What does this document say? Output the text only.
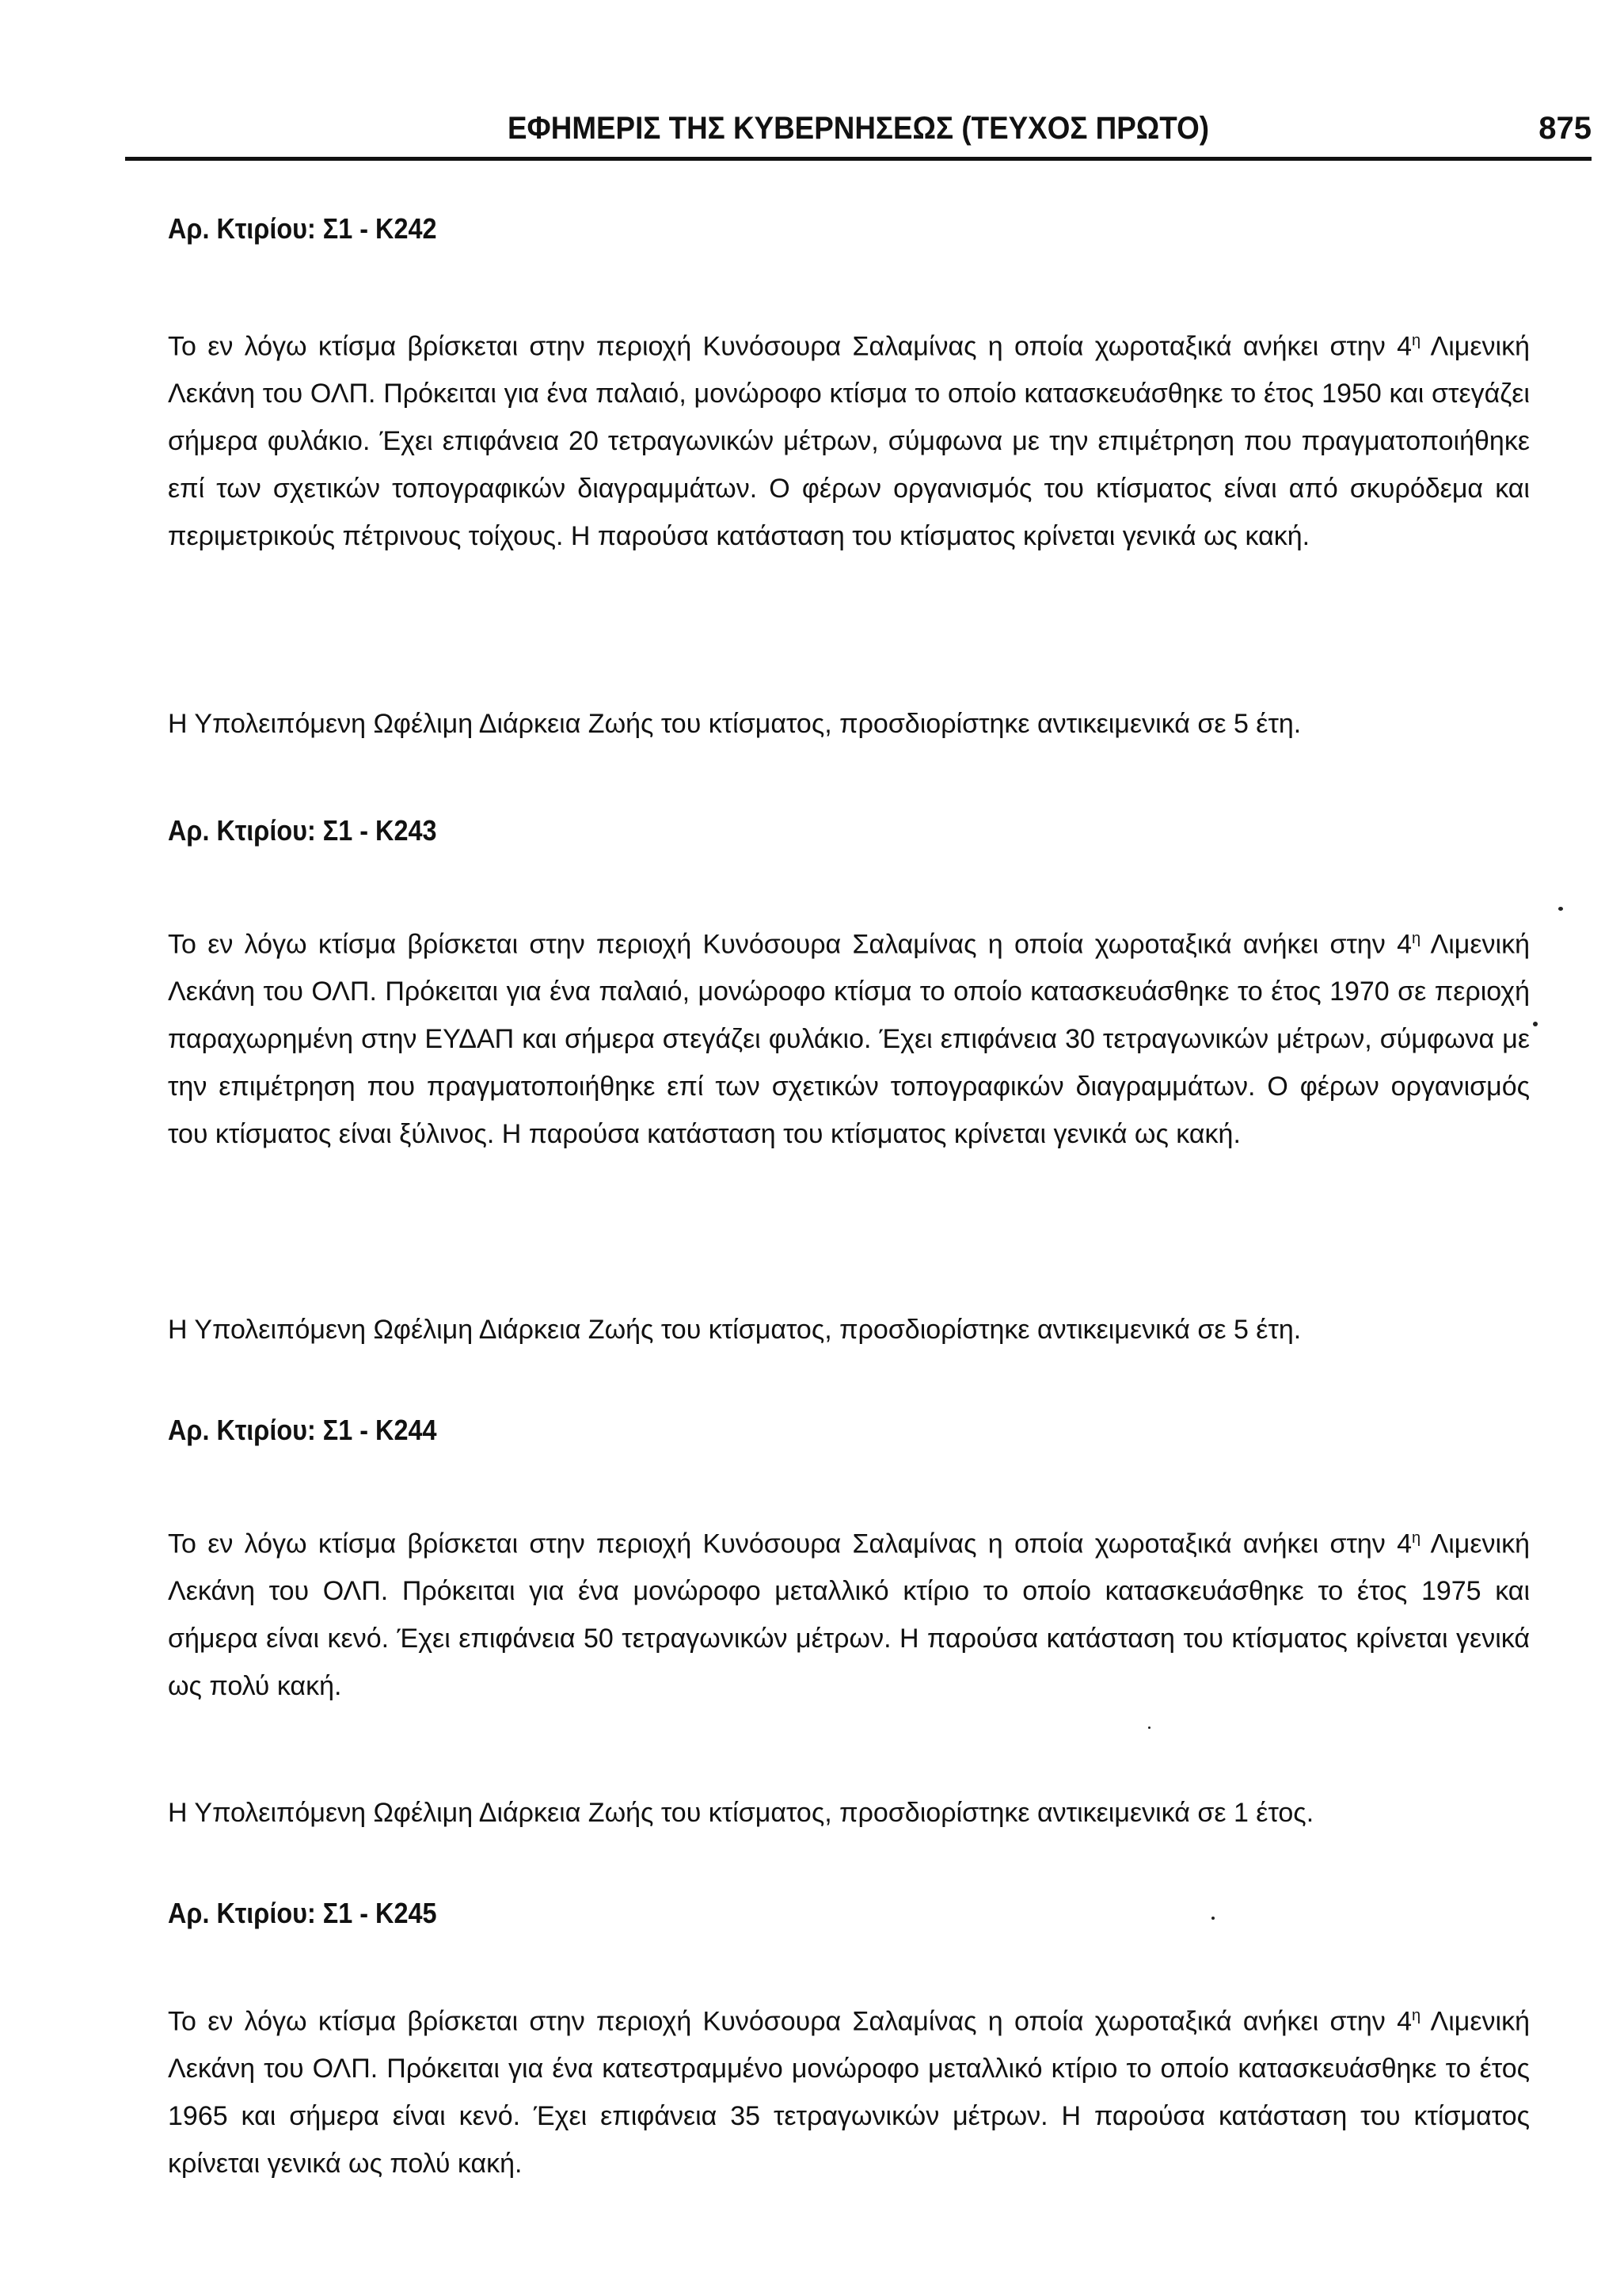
ΕΦΗΜΕΡΙΣ ΤΗΣ ΚΥΒΕΡΝΗΣΕΩΣ (ΤΕΥΧΟΣ ΠΡΩΤΟ)	875
Αρ. Κτιρίου: Σ1 - Κ242

Το εν λόγω κτίσμα βρίσκεται στην περιοχή Κυνόσουρα Σαλαμίνας η οποία χωροταξικά ανήκει στην $4^\eta$ Λιμενική Λεκάνη του ΟΛΠ. Πρόκειται για ένα παλαιό, μονώροφο κτίσμα το οποίο κατασκευάσθηκε το έτος 1950 και στεγάζει σήμερα φυλάκιο. Έχει επιφάνεια 20 τετραγωνικών μέτρων, σύμφωνα με την επιμέτρηση που πραγματοποιήθηκε επί των σχετικών τοπογραφικών διαγραμμάτων. Ο φέρων οργανισμός του κτίσματος είναι από σκυρόδεμα και περιμετρικούς πέτρινους τοίχους. Η παρούσα κατάσταση του κτίσματος κρίνεται γενικά ως κακή.

Η Υπολειπόμενη Ωφέλιμη Διάρκεια Ζωής του κτίσματος, προσδιορίστηκε αντικειμενικά σε 5 έτη.
Αρ. Κτιρίου: Σ1 - Κ243

Το εν λόγω κτίσμα βρίσκεται στην περιοχή Κυνόσουρα Σαλαμίνας η οποία χωροταξικά ανήκει στην $4^\eta$ Λιμενική Λεκάνη του ΟΛΠ. Πρόκειται για ένα παλαιό, μονώροφο κτίσμα το οποίο κατασκευάσθηκε το έτος 1970 σε περιοχή παραχωρημένη στην ΕΥΔΑΠ και σήμερα στεγάζει φυλάκιο. Έχει επιφάνεια 30 τετραγωνικών μέτρων, σύμφωνα με την επιμέτρηση που πραγματοποιήθηκε επί των σχετικών τοπογραφικών διαγραμμάτων. Ο φέρων οργανισμός του κτίσματος είναι ξύλινος. Η παρούσα κατάσταση του κτίσματος κρίνεται γενικά ως κακή.

Η Υπολειπόμενη Ωφέλιμη Διάρκεια Ζωής του κτίσματος, προσδιορίστηκε αντικειμενικά σε 5 έτη.
Αρ. Κτιρίου: Σ1 - Κ244

Το εν λόγω κτίσμα βρίσκεται στην περιοχή Κυνόσουρα Σαλαμίνας η οποία χωροταξικά ανήκει στην $4^\eta$ Λιμενική Λεκάνη του ΟΛΠ. Πρόκειται για ένα μονώροφο μεταλλικό κτίριο το οποίο κατασκευάσθηκε το έτος 1975 και σήμερα είναι κενό. Έχει επιφάνεια 50 τετραγωνικών μέτρων. Η παρούσα κατάσταση του κτίσματος κρίνεται γενικά ως πολύ κακή.

Η Υπολειπόμενη Ωφέλιμη Διάρκεια Ζωής του κτίσματος, προσδιορίστηκε αντικειμενικά σε 1 έτος.
Αρ. Κτιρίου: Σ1 - Κ245

Το εν λόγω κτίσμα βρίσκεται στην περιοχή Κυνόσουρα Σαλαμίνας η οποία χωροταξικά ανήκει στην $4^\eta$ Λιμενική Λεκάνη του ΟΛΠ. Πρόκειται για ένα κατεστραμμένο μονώροφο μεταλλικό κτίριο το οποίο κατασκευάσθηκε το έτος 1965 και σήμερα είναι κενό. Έχει επιφάνεια 35 τετραγωνικών μέτρων. Η παρούσα κατάσταση του κτίσματος κρίνεται γενικά ως πολύ κακή.
